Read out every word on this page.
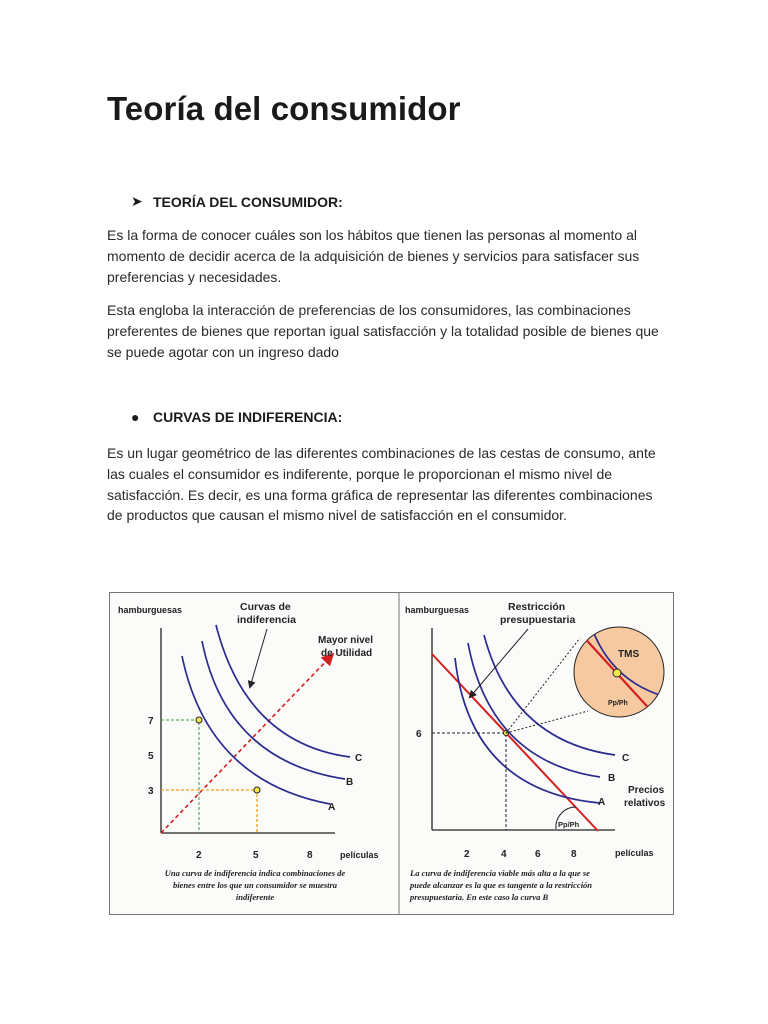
Teoría del consumidor
➤ TEORÍA DEL CONSUMIDOR:

Es la forma de conocer cuáles son los hábitos que tienen las personas al momento al momento de decidir acerca de la adquisición de bienes y servicios para satisfacer sus preferencias y necesidades.

Esta engloba la interacción de preferencias de los consumidores, las combinaciones preferentes de bienes que reportan igual satisfacción y la totalidad posible de bienes que se puede agotar con un ingreso dado

● CURVAS DE INDIFERENCIA:

Es un lugar geométrico de las diferentes combinaciones de las cestas de consumo, ante las cuales el consumidor es indiferente, porque le proporcionan el mismo nivel de satisfacción. Es decir, es una forma gráfica de representar las diferentes combinaciones de productos que causan el mismo nivel de satisfacción en el consumidor.

hamburguesas
películas
7
5
3
2	5	8
A
B
C
Curvas de
indiferencia
Mayor nivel
de Utilidad
Una curva de indiferencia indica combinaciones de
bienes entre los que un consumidor se muestra
indiferente
hamburguesas
películas
TMS
Pp/Ph
6
2	4	6	8
A
B
C
Restricción
presupuestaria
Pp/Ph
Precios
relativos
La curva de indiferencia viable más alta a la que se
puede alcanzar es la que es tangente a la restricción
presupuestaria. En este caso la curva B
